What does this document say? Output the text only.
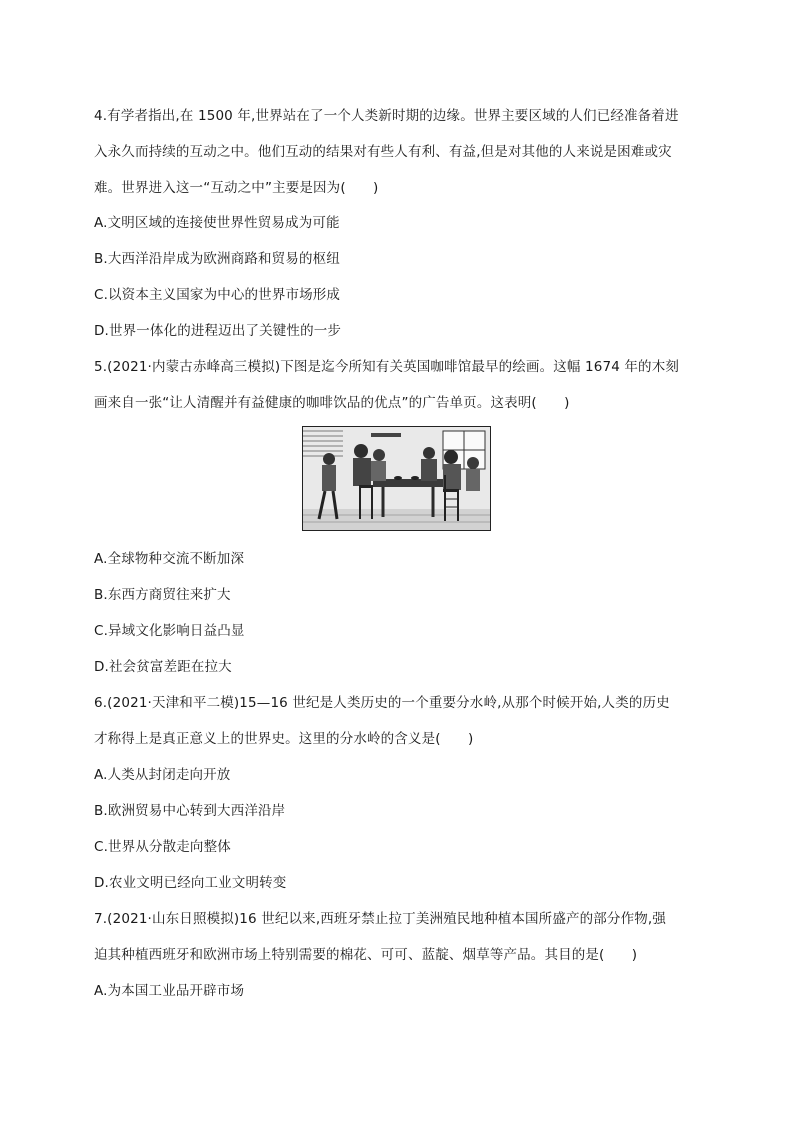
4.有学者指出,在 1500 年,世界站在了一个人类新时期的边缘。世界主要区域的人们已经准备着进
入永久而持续的互动之中。他们互动的结果对有些人有利、有益,但是对其他的人来说是困难或灾
难。世界进入这一“互动之中”主要是因为(　　)
A.文明区域的连接使世界性贸易成为可能
B.大西洋沿岸成为欧洲商路和贸易的枢纽
C.以资本主义国家为中心的世界市场形成
D.世界一体化的进程迈出了关键性的一步
5.(2021·内蒙古赤峰高三模拟)下图是迄今所知有关英国咖啡馆最早的绘画。这幅 1674 年的木刻
画来自一张“让人清醒并有益健康的咖啡饮品的优点”的广告单页。这表明(　　)
A.全球物种交流不断加深
B.东西方商贸往来扩大
C.异域文化影响日益凸显
D.社会贫富差距在拉大
6.(2021·天津和平二模)15—16 世纪是人类历史的一个重要分水岭,从那个时候开始,人类的历史
才称得上是真正意义上的世界史。这里的分水岭的含义是(　　)
A.人类从封闭走向开放
B.欧洲贸易中心转到大西洋沿岸
C.世界从分散走向整体
D.农业文明已经向工业文明转变
7.(2021·山东日照模拟)16 世纪以来,西班牙禁止拉丁美洲殖民地种植本国所盛产的部分作物,强
迫其种植西班牙和欧洲市场上特别需要的棉花、可可、蓝靛、烟草等产品。其目的是(　　)
A.为本国工业品开辟市场
